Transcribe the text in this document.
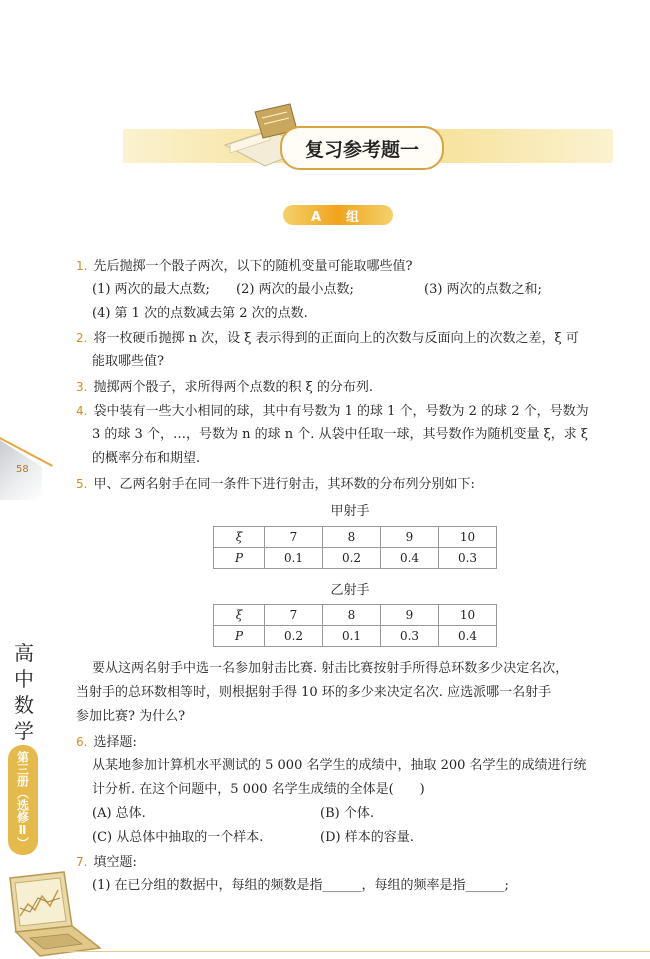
复习参考题一
A　组
1. 先后抛掷一个骰子两次，以下的随机变量可能取哪些值?
(1) 两次的最大点数; (2) 两次的最小点数;	(3) 两次的点数之和;
(4) 第 1 次的点数减去第 2 次的点数.
2. 将一枚硬币抛掷 n 次，设 ξ 表示得到的正面向上的次数与反面向上的次数之差，ξ 可
能取哪些值?
3. 抛掷两个骰子，求所得两个点数的积 ξ 的分布列.
4. 袋中装有一些大小相同的球，其中有号数为 1 的球 1 个，号数为 2 的球 2 个，号数为
3 的球 3 个，…，号数为 n 的球 n 个. 从袋中任取一球，其号数作为随机变量 ξ，求 ξ
的概率分布和期望.
5. 甲、乙两名射手在同一条件下进行射击，其环数的分布列分别如下:
甲射手
ξ	7	8	9	10
P	0.1	0.2	0.4	0.3
乙射手
ξ	7	8	9	10
P	0.2	0.1	0.3	0.4
要从这两名射手中选一名参加射击比赛. 射击比赛按射手所得总环数多少决定名次，
当射手的总环数相等时，则根据射手得 10 环的多少来决定名次. 应选派哪一名射手
参加比赛? 为什么?
6. 选择题:
从某地参加计算机水平测试的 5 000 名学生的成绩中，抽取 200 名学生的成绩进行统
计分析. 在这个问题中，5 000 名学生成绩的全体是(　　)
(A) 总体.	(B) 个体.
(C) 从总体中抽取的一个样本.	(D) 样本的容量.
7. 填空题:
(1) 在已分组的数据中，每组的频数是指______，每组的频率是指______;
58
高中数学
第三册（选修Ⅱ）
